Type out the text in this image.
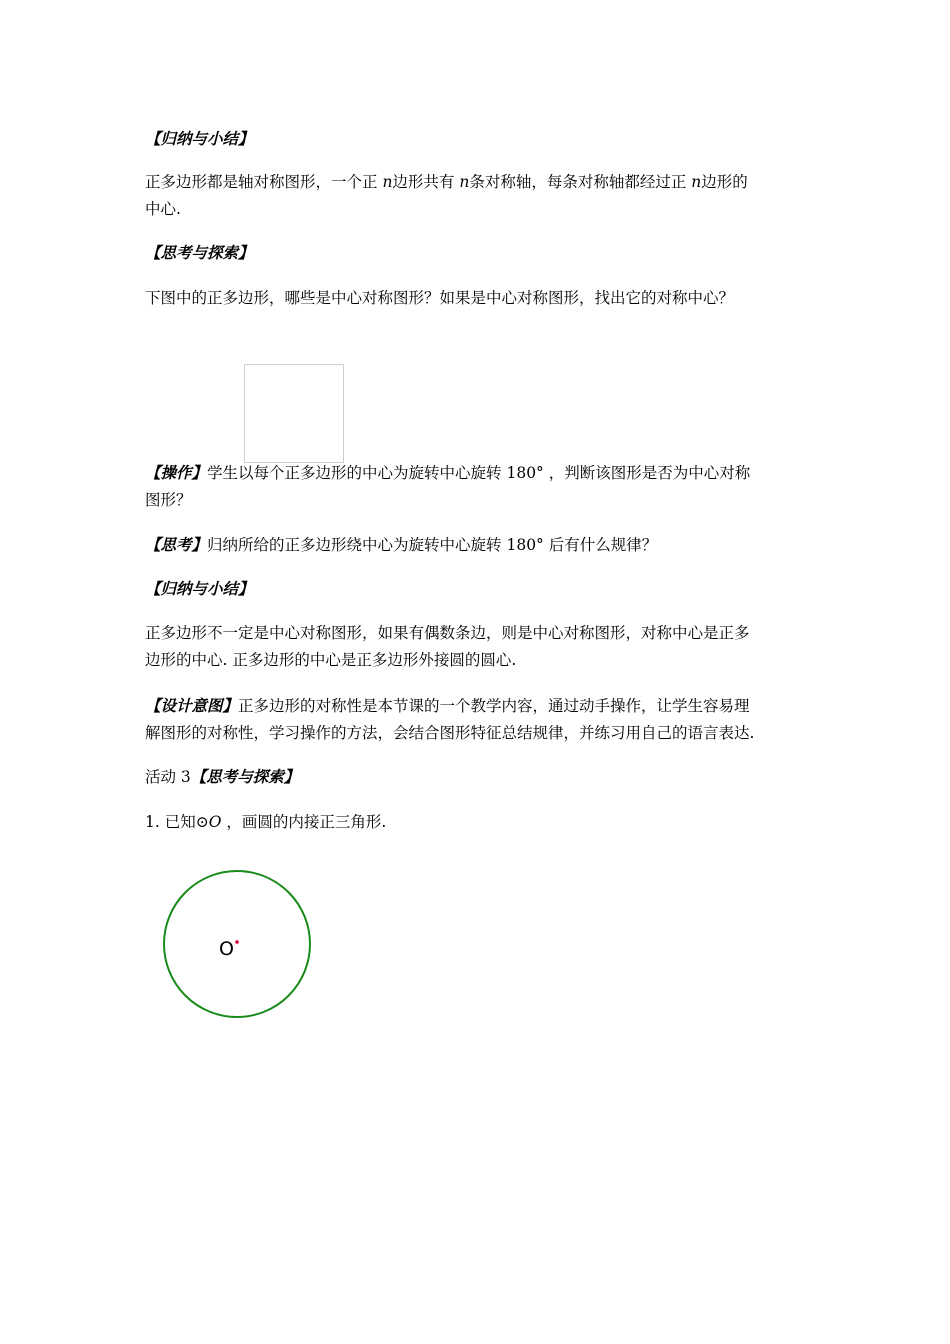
【归纳与小结】
正多边形都是轴对称图形，一个正 n边形共有 n条对称轴，每条对称轴都经过正 n边形的
中心.
【思考与探索】
下图中的正多边形，哪些是中心对称图形？如果是中心对称图形，找出它的对称中心？
【操作】学生以每个正多边形的中心为旋转中心旋转 180° ，判断该图形是否为中心对称
图形？
【思考】归纳所给的正多边形绕中心为旋转中心旋转 180° 后有什么规律？
【归纳与小结】
正多边形不一定是中心对称图形，如果有偶数条边，则是中心对称图形，对称中心是正多
边形的中心. 正多边形的中心是正多边形外接圆的圆心.
【设计意图】正多边形的对称性是本节课的一个教学内容，通过动手操作，让学生容易理
解图形的对称性，学习操作的方法，会结合图形特征总结规律，并练习用自己的语言表达.
活动 3【思考与探索】
1. 已知⊙O ，画圆的内接正三角形.
O
